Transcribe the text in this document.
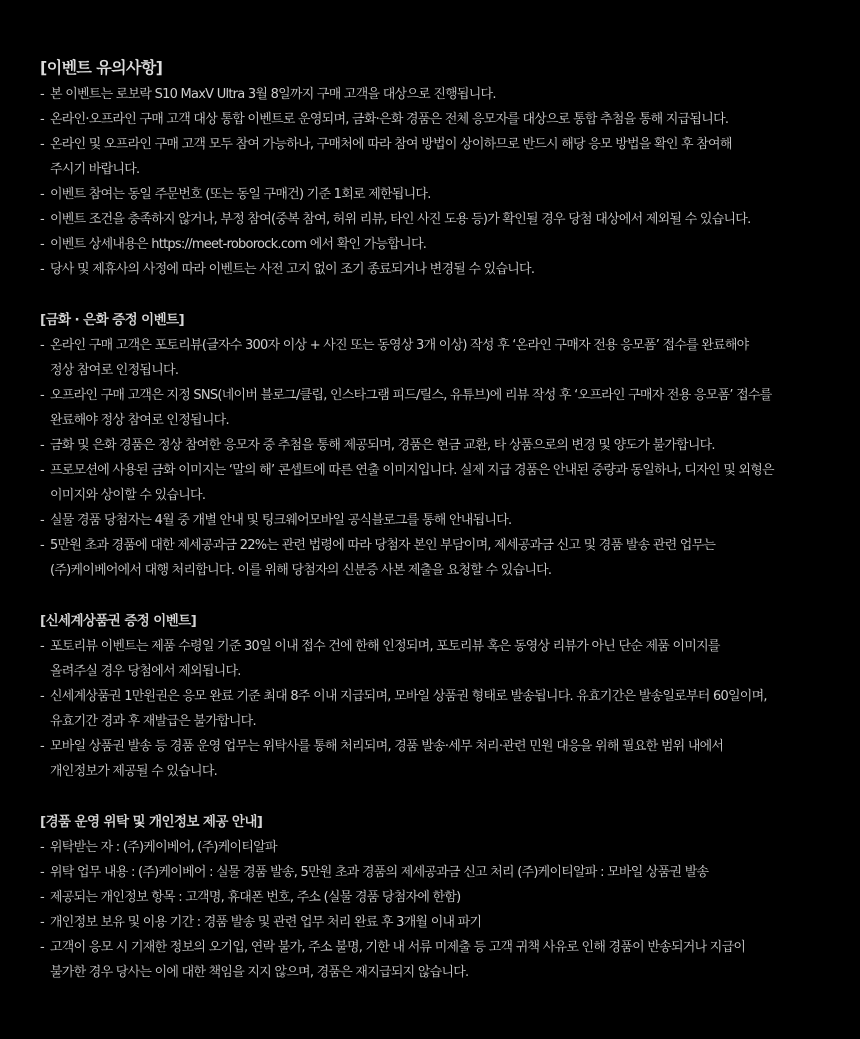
[이벤트 유의사항]
- 본 이벤트는 로보락 S10 MaxV Ultra 3월 8일까지 구매 고객을 대상으로 진행됩니다.
- 온라인·오프라인 구매 고객 대상 통합 이벤트로 운영되며, 금화·은화 경품은 전체 응모자를 대상으로 통합 추첨을 통해 지급됩니다.
- 온라인 및 오프라인 구매 고객 모두 참여 가능하나, 구매처에 따라 참여 방법이 상이하므로 반드시 해당 응모 방법을 확인 후 참여해
주시기 바랍니다.
- 이벤트 참여는 동일 주문번호 (또는 동일 구매건) 기준 1회로 제한됩니다.
- 이벤트 조건을 충족하지 않거나, 부정 참여(중복 참여, 허위 리뷰, 타인 사진 도용 등)가 확인될 경우 당첨 대상에서 제외될 수 있습니다.
- 이벤트 상세내용은 https://meet-roborock.com 에서 확인 가능합니다.
- 당사 및 제휴사의 사정에 따라 이벤트는 사전 고지 없이 조기 종료되거나 변경될 수 있습니다.
[금화 · 은화 증정 이벤트]
- 온라인 구매 고객은 포토리뷰(글자수 300자 이상 + 사진 또는 동영상 3개 이상) 작성 후 ‘온라인 구매자 전용 응모폼’ 접수를 완료해야
정상 참여로 인정됩니다.
- 오프라인 구매 고객은 지정 SNS(네이버 블로그/클립, 인스타그램 피드/릴스, 유튜브)에 리뷰 작성 후 ‘오프라인 구매자 전용 응모폼’ 접수를
완료해야 정상 참여로 인정됩니다.
- 금화 및 은화 경품은 정상 참여한 응모자 중 추첨을 통해 제공되며, 경품은 현금 교환, 타 상품으로의 변경 및 양도가 불가합니다.
- 프로모션에 사용된 금화 이미지는 ‘말의 해’ 콘셉트에 따른 연출 이미지입니다. 실제 지급 경품은 안내된 중량과 동일하나, 디자인 및 외형은
이미지와 상이할 수 있습니다.
- 실물 경품 당첨자는 4월 중 개별 안내 및 팅크웨어모바일 공식블로그를 통해 안내됩니다.
- 5만원 초과 경품에 대한 제세공과금 22%는 관련 법령에 따라 당첨자 본인 부담이며, 제세공과금 신고 및 경품 발송 관련 업무는
(주)케이베어에서 대행 처리합니다. 이를 위해 당첨자의 신분증 사본 제출을 요청할 수 있습니다.
[신세계상품권 증정 이벤트]
- 포토리뷰 이벤트는 제품 수령일 기준 30일 이내 접수 건에 한해 인정되며, 포토리뷰 혹은 동영상 리뷰가 아닌 단순 제품 이미지를
올려주실 경우 당첨에서 제외됩니다.
- 신세계상품권 1만원권은 응모 완료 기준 최대 8주 이내 지급되며, 모바일 상품권 형태로 발송됩니다. 유효기간은 발송일로부터 60일이며,
유효기간 경과 후 재발급은 불가합니다.
- 모바일 상품권 발송 등 경품 운영 업무는 위탁사를 통해 처리되며, 경품 발송·세무 처리·관련 민원 대응을 위해 필요한 범위 내에서
개인정보가 제공될 수 있습니다.
[경품 운영 위탁 및 개인정보 제공 안내]
- 위탁받는 자 : (주)케이베어, (주)케이티알파
- 위탁 업무 내용 : (주)케이베어 : 실물 경품 발송, 5만원 초과 경품의 제세공과금 신고 처리 (주)케이티알파 : 모바일 상품권 발송
- 제공되는 개인정보 항목 : 고객명, 휴대폰 번호, 주소 (실물 경품 당첨자에 한함)
- 개인정보 보유 및 이용 기간 : 경품 발송 및 관련 업무 처리 완료 후 3개월 이내 파기
- 고객이 응모 시 기재한 정보의 오기입, 연락 불가, 주소 불명, 기한 내 서류 미제출 등 고객 귀책 사유로 인해 경품이 반송되거나 지급이
불가한 경우 당사는 이에 대한 책임을 지지 않으며, 경품은 재지급되지 않습니다.
